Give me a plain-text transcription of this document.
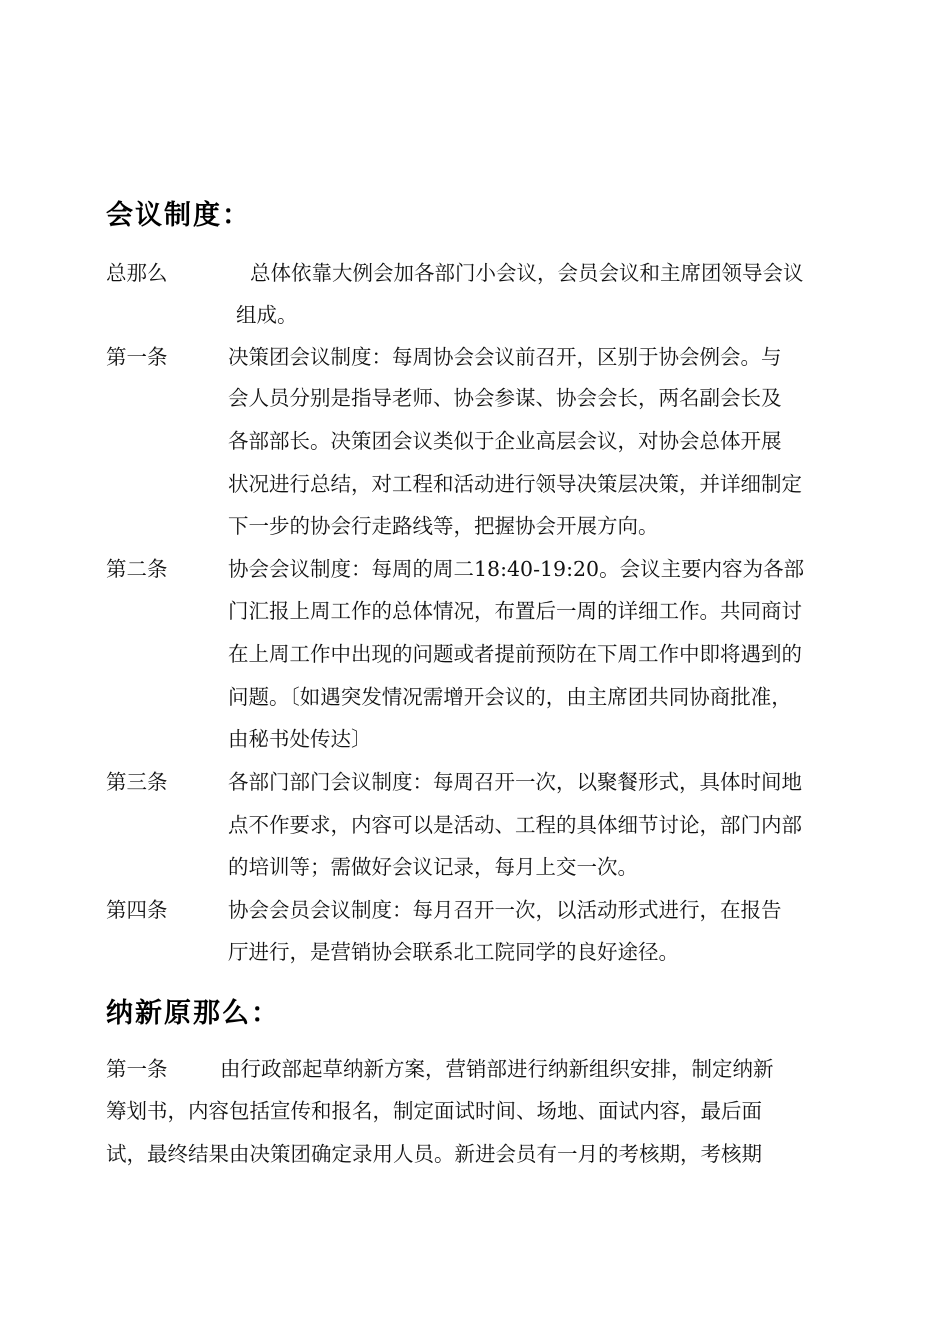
会议制度：
总那么	总体依靠大例会加各部门小会议，会员会议和主席团领导会议
组成。
第一条	决策团会议制度：每周协会会议前召开，区别于协会例会。与
会人员分别是指导老师、协会参谋、协会会长，两名副会长及
各部部长。决策团会议类似于企业高层会议，对协会总体开展
状况进行总结，对工程和活动进行领导决策层决策，并详细制定
下一步的协会行走路线等，把握协会开展方向。
第二条	协会会议制度：每周的周二18:40-19:20。会议主要内容为各部
门汇报上周工作的总体情况，布置后一周的详细工作。共同商讨
在上周工作中出现的问题或者提前预防在下周工作中即将遇到的
问题。〔如遇突发情况需增开会议的，由主席团共同协商批准，
由秘书处传达〕
第三条	各部门部门会议制度：每周召开一次，以聚餐形式，具体时间地
点不作要求，内容可以是活动、工程的具体细节讨论，部门内部
的培训等；需做好会议记录，每月上交一次。
第四条	协会会员会议制度：每月召开一次，以活动形式进行，在报告
厅进行，是营销协会联系北工院同学的良好途径。
纳新原那么：
第一条	由行政部起草纳新方案，营销部进行纳新组织安排，制定纳新
筹划书，内容包括宣传和报名，制定面试时间、场地、面试内容，最后面
试，最终结果由决策团确定录用人员。新进会员有一月的考核期，考核期
